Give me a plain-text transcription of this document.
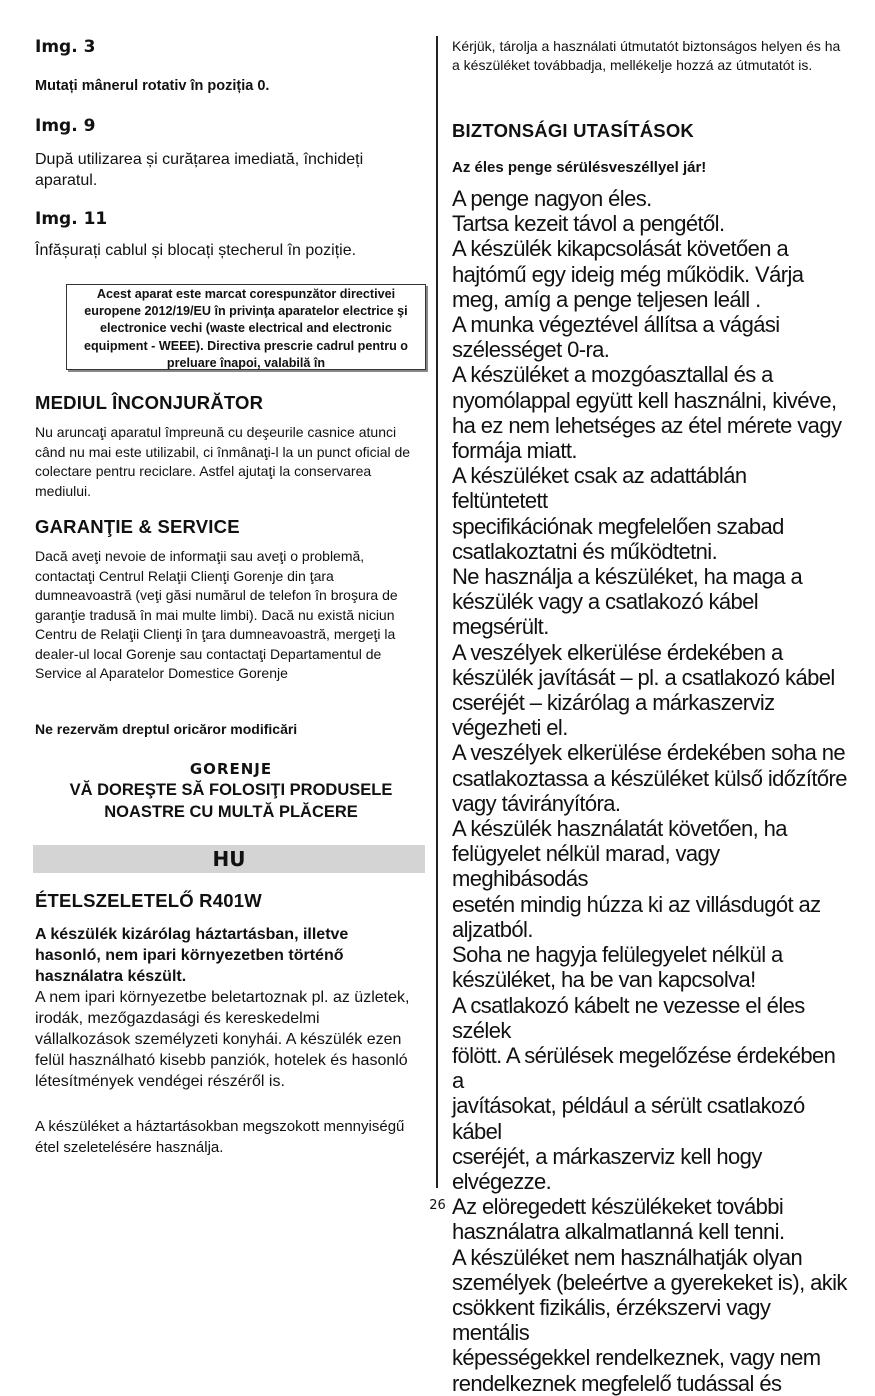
Img. 3
Mutați mânerul rotativ în poziția 0.
Img. 9
După utilizarea și curățarea imediată, închideți aparatul.
Img. 11
Înfășurați cablul și blocați ștecherul în poziție.
Acest aparat este marcat corespunzător directivei europene 2012/19/EU în privinţa aparatelor electrice şi electronice vechi (waste electrical and electronic equipment - WEEE). Directiva prescrie cadrul pentru o preluare înapoi, valabilă în
MEDIUL ÎNCONJURĂTOR
Nu aruncaţi aparatul împreună cu deşeurile casnice atunci când nu mai este utilizabil, ci înmânaţi-l la un punct oficial de colectare pentru reciclare. Astfel ajutaţi la conservarea mediului.
GARANŢIE & SERVICE
Dacă aveţi nevoie de informaţii sau aveţi o problemă, contactaţi Centrul Relaţii Clienţi Gorenje din ţara dumneavoastră (veţi găsi numărul de telefon în broşura de garanţie tradusă în mai multe limbi). Dacă nu există niciun Centru de Relaţii Clienţi în ţara dumneavoastră, mergeţi la dealer-ul local Gorenje sau contactaţi Departamentul de Service al Aparatelor Domestice Gorenje
Ne rezervăm dreptul oricăror modificări
GORENJE
VĂ DOREŞTE SĂ FOLOSIŢI PRODUSELE
NOASTRE CU MULTĂ PLĂCERE
HU
ÉTELSZELETELŐ R401W
A készülék kizárólag háztartásban, illetve hasonló, nem ipari környezetben történő használatra készült.
A nem ipari környezetbe beletartoznak pl. az üzletek, irodák, mezőgazdasági és kereskedelmi vállalkozások személyzeti konyhái. A készülék ezen felül használható kisebb panziók, hotelek és hasonló létesítmények vendégei részéről is.
A készüléket a háztartásokban megszokott mennyiségű étel szeletelésére használja.
Kérjük, tárolja a használati útmutatót biztonságos helyen és ha a készüléket továbbadja, mellékelje hozzá az útmutatót is.
BIZTONSÁGI UTASÍTÁSOK
Az éles penge sérülésveszéllyel jár!
A penge nagyon éles.
Tartsa kezeit távol a pengétől.
A készülék kikapcsolását követően a
hajtómű egy ideig még működik. Várja
meg, amíg a penge teljesen leáll .
A munka végeztével állítsa a vágási
szélességet 0-ra.
A készüléket a mozgóasztallal és a
nyomólappal együtt kell használni, kivéve,
ha ez nem lehetséges az étel mérete vagy
formája miatt.
A készüléket csak az adattáblán feltüntetett
specifikációnak megfelelően szabad
csatlakoztatni és működtetni.
Ne használja a készüléket, ha maga a
készülék vagy a csatlakozó kábel megsérült.
A veszélyek elkerülése érdekében a
készülék javítását – pl. a csatlakozó kábel
cseréjét – kizárólag a márkaszerviz
végezheti el.
A veszélyek elkerülése érdekében soha ne
csatlakoztassa a készüléket külső időzítőre
vagy távirányítóra.
A készülék használatát követően, ha
felügyelet nélkül marad, vagy meghibásodás
esetén mindig húzza ki az villásdugót az
aljzatból.
Soha ne hagyja felülegyelet nélkül a
készüléket, ha be van kapcsolva!
A csatlakozó kábelt ne vezesse el éles szélek
fölött. A sérülések megelőzése érdekében a
javításokat, például a sérült csatlakozó kábel
cseréjét, a márkaszerviz kell hogy elvégezze.
Az elöregedett készülékeket további
használatra alkalmatlanná kell tenni.
A készüléket nem használhatják olyan
személyek (beleértve a gyerekeket is), akik
csökkent fizikális, érzékszervi vagy mentális
képességekkel rendelkeznek, vagy nem
rendelkeznek megfelelő tudással és
26
